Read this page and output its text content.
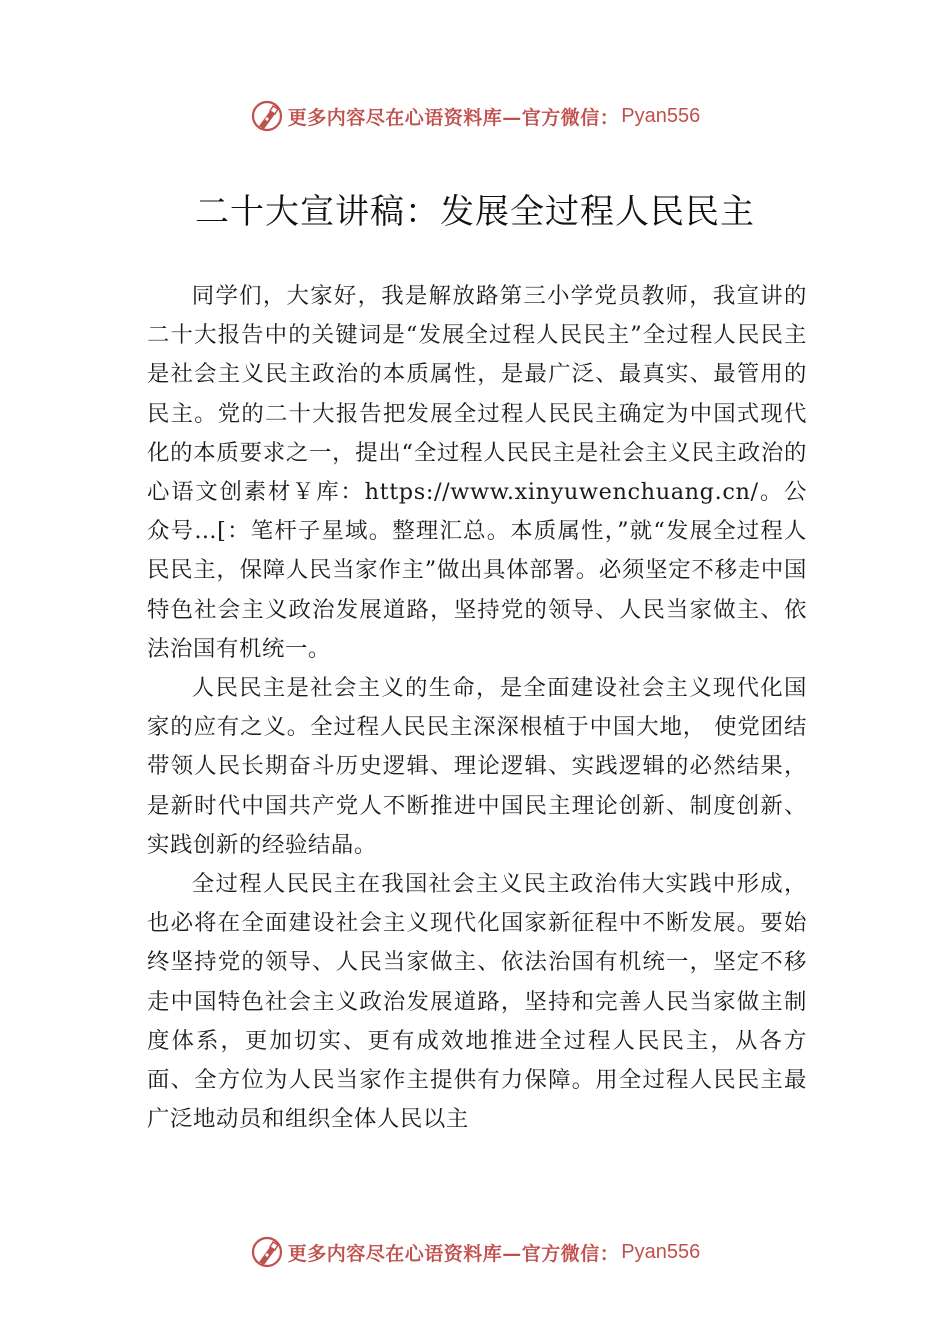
更多内容尽在心语资料库—官方微信： Pyan556
二十大宣讲稿：发展全过程人民民主

同学们，大家好，我是解放路第三小学党员教师，我宣讲的二十大报告中的关键词是“发展全过程人民民主”全过程人民民主是社会主义民主政治的本质属性，是最广泛、最真实、最管用的民主。党的二十大报告把发展全过程人民民主确定为中国式现代化的本质要求之一，提出“全过程人民民主是社会主义民主政治的心语文创素材￥库：https://www.xinyuwenchuang.cn/。公众号…[：笔杆子星域。整理汇总。本质属性，”就“发展全过程人民民主，保障人民当家作主”做出具体部署。必须坚定不移走中国特色社会主义政治发展道路，坚持党的领导、人民当家做主、依法治国有机统一。

人民民主是社会主义的生命，是全面建设社会主义现代化国家的应有之义。全过程人民民主深深根植于中国大地， 使党团结带领人民长期奋斗历史逻辑、理论逻辑、实践逻辑的必然结果，是新时代中国共产党人不断推进中国民主理论创新、制度创新、实践创新的经验结晶。

全过程人民民主在我国社会主义民主政治伟大实践中形成，也必将在全面建设社会主义现代化国家新征程中不断发展。要始终坚持党的领导、人民当家做主、依法治国有机统一，坚定不移走中国特色社会主义政治发展道路，坚持和完善人民当家做主制度体系，更加切实、更有成效地推进全过程人民民主，从各方面、全方位为人民当家作主提供有力保障。用全过程人民民主最广泛地动员和组织全体人民以主

更多内容尽在心语资料库—官方微信： Pyan556
